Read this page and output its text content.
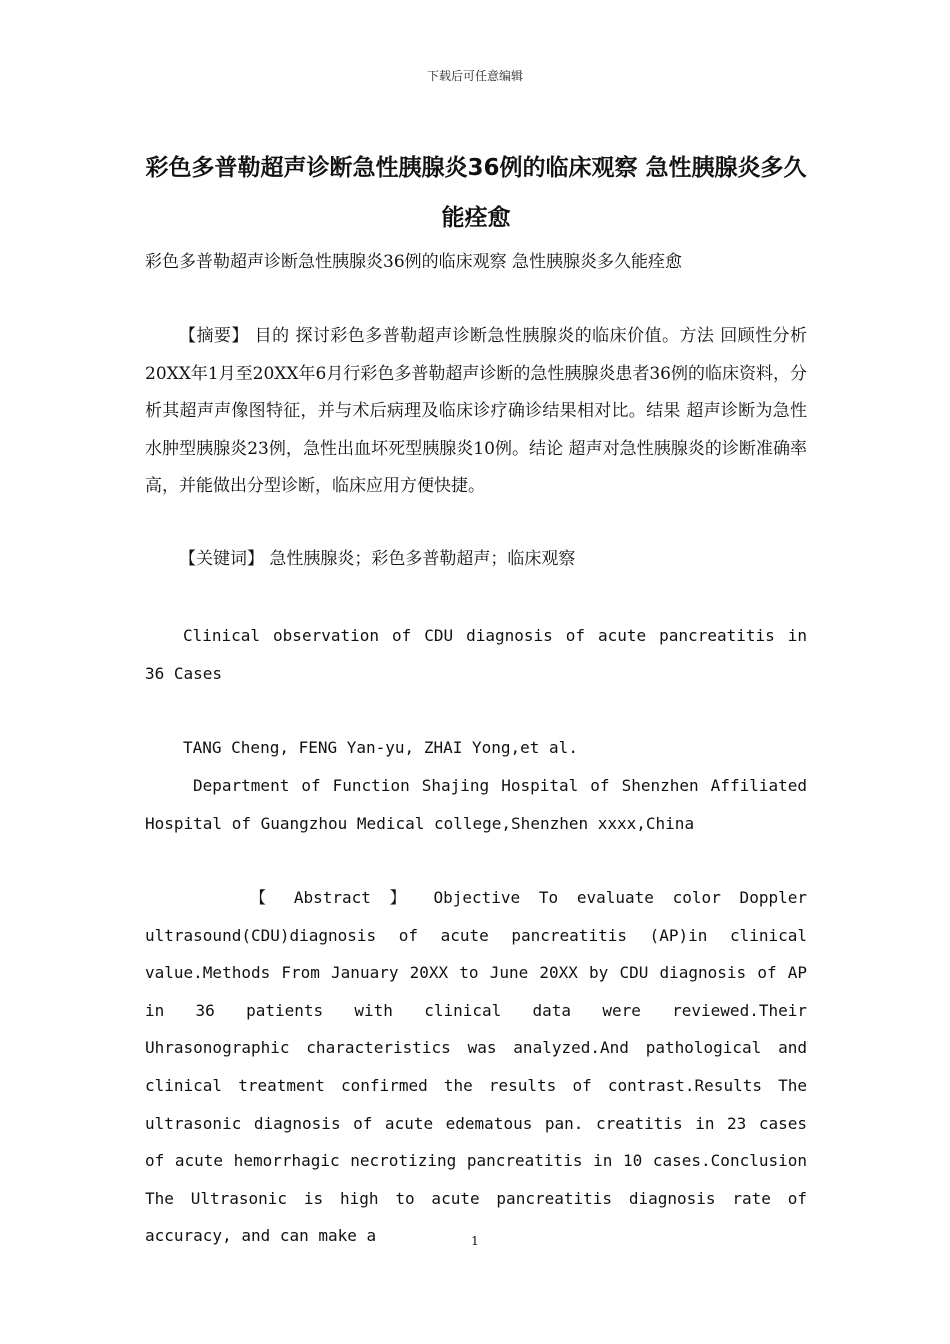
下载后可任意编辑
彩色多普勒超声诊断急性胰腺炎36例的临床观察 急性胰腺炎多久能痊愈
彩色多普勒超声诊断急性胰腺炎36例的临床观察 急性胰腺炎多久能痊愈
【摘要】 目的 探讨彩色多普勒超声诊断急性胰腺炎的临床价值。方法 回顾性分析20XX年1月至20XX年6月行彩色多普勒超声诊断的急性胰腺炎患者36例的临床资料，分析其超声声像图特征，并与术后病理及临床诊疗确诊结果相对比。结果 超声诊断为急性水肿型胰腺炎23例，急性出血坏死型胰腺炎10例。结论 超声对急性胰腺炎的诊断准确率高，并能做出分型诊断，临床应用方便快捷。
【关键词】 急性胰腺炎；彩色多普勒超声；临床观察
Clinical observation of CDU diagnosis of acute pancreatitis in 36 Cases
TANG Cheng, FENG Yan-yu, ZHAI Yong,et al.
Department of Function Shajing Hospital of Shenzhen Affiliated Hospital of Guangzhou Medical college,Shenzhen xxxx,China
【 Abstract 】 Objective To evaluate color Doppler ultrasound(CDU)diagnosis of acute pancreatitis (AP)in clinical value.Methods From January 20XX to June 20XX by CDU diagnosis of AP in 36 patients with clinical data were reviewed.Their Uhrasonographic characteristics was analyzed.And pathological and clinical treatment confirmed the results of contrast.Results The ultrasonic diagnosis of acute edematous pan. creatitis in 23 cases of acute hemorrhagic necrotizing pancreatitis in 10 cases.Conclusion The Ultrasonic is high to acute pancreatitis diagnosis rate of accuracy, and can make a	1
